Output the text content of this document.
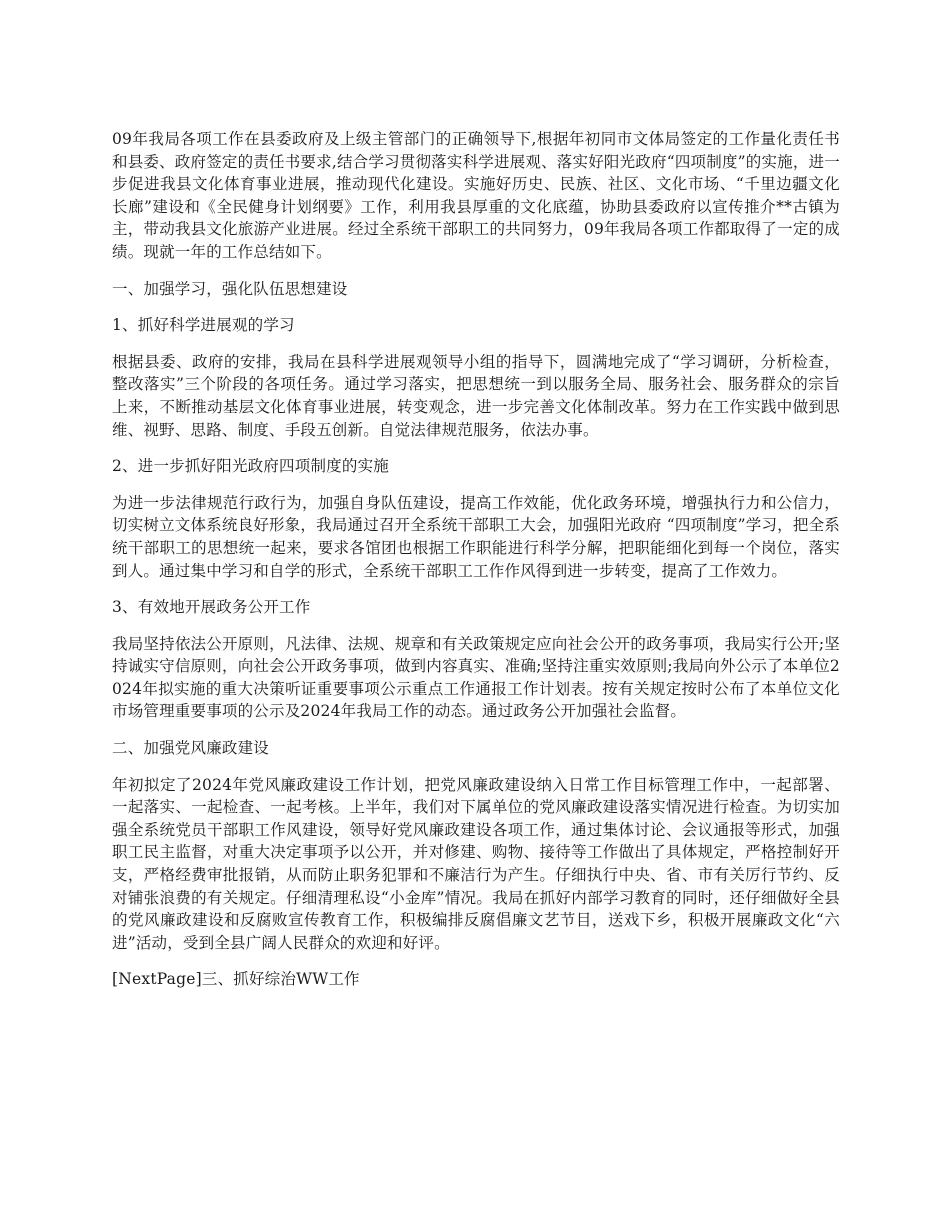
09年我局各项工作在县委政府及上级主管部门的正确领导下,根据年初同市文体局签定的工作量化责任书和县委、政府签定的责任书要求,结合学习贯彻落实科学进展观、落实好阳光政府“四项制度”的实施，进一步促进我县文化体育事业进展，推动现代化建设。实施好历史、民族、社区、文化市场、“千里边疆文化长廊”建设和《全民健身计划纲要》工作，利用我县厚重的文化底蕴，协助县委政府以宣传推介**古镇为主，带动我县文化旅游产业进展。经过全系统干部职工的共同努力，09年我局各项工作都取得了一定的成绩。现就一年的工作总结如下。

一、加强学习，强化队伍思想建设

1、抓好科学进展观的学习

根据县委、政府的安排，我局在县科学进展观领导小组的指导下，圆满地完成了“学习调研，分析检查，整改落实”三个阶段的各项任务。通过学习落实，把思想统一到以服务全局、服务社会、服务群众的宗旨上来，不断推动基层文化体育事业进展，转变观念，进一步完善文化体制改革。努力在工作实践中做到思维、视野、思路、制度、手段五创新。自觉法律规范服务，依法办事。

2、进一步抓好阳光政府四项制度的实施

为进一步法律规范行政行为，加强自身队伍建设，提高工作效能，优化政务环境，增强执行力和公信力，切实树立文体系统良好形象，我局通过召开全系统干部职工大会，加强阳光政府 “四项制度”学习，把全系统干部职工的思想统一起来，要求各馆团也根据工作职能进行科学分解，把职能细化到每一个岗位，落实到人。通过集中学习和自学的形式，全系统干部职工工作作风得到进一步转变，提高了工作效力。

3、有效地开展政务公开工作

我局坚持依法公开原则，凡法律、法规、规章和有关政策规定应向社会公开的政务事项，我局实行公开;坚持诚实守信原则，向社会公开政务事项，做到内容真实、准确;坚持注重实效原则;我局向外公示了本单位2024年拟实施的重大决策听证重要事项公示重点工作通报工作计划表。按有关规定按时公布了本单位文化市场管理重要事项的公示及2024年我局工作的动态。通过政务公开加强社会监督。

二、加强党风廉政建设

年初拟定了2024年党风廉政建设工作计划，把党风廉政建设纳入日常工作目标管理工作中，一起部署、一起落实、一起检查、一起考核。上半年，我们对下属单位的党风廉政建设落实情况进行检查。为切实加强全系统党员干部职工作风建设，领导好党风廉政建设各项工作，通过集体讨论、会议通报等形式，加强职工民主监督，对重大决定事项予以公开，并对修建、购物、接待等工作做出了具体规定，严格控制好开支，严格经费审批报销，从而防止职务犯罪和不廉洁行为产生。仔细执行中央、省、市有关厉行节约、反对铺张浪费的有关规定。仔细清理私设“小金库”情况。我局在抓好内部学习教育的同时，还仔细做好全县的党风廉政建设和反腐败宣传教育工作，积极编排反腐倡廉文艺节目，送戏下乡，积极开展廉政文化“六进”活动，受到全县广阔人民群众的欢迎和好评。

[NextPage]三、抓好综治WW工作
